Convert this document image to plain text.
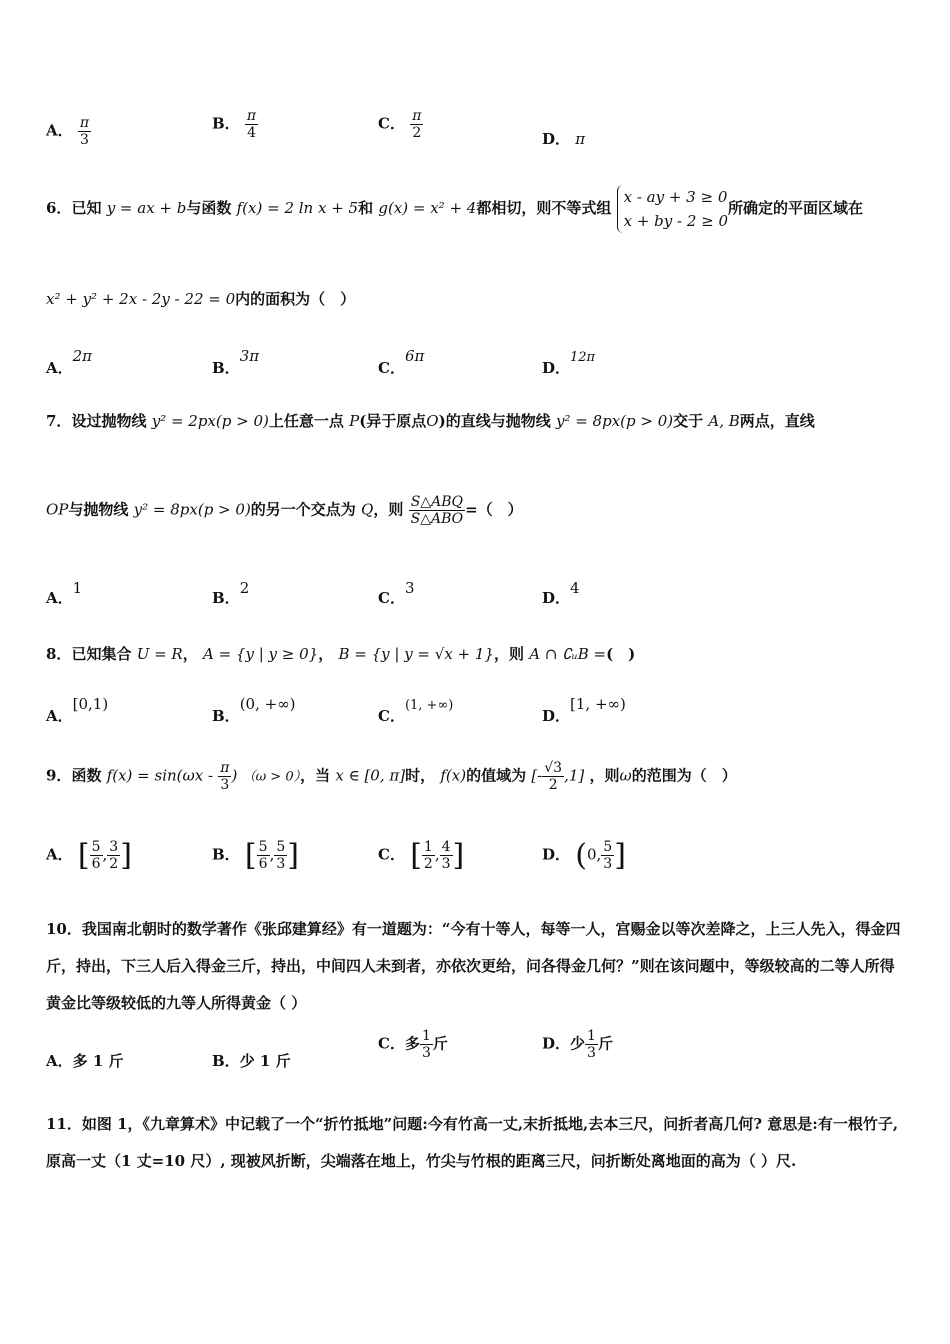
A． $\frac{\pi}{3}$	B． $\frac{\pi}{4}$	C． $\frac{\pi}{2}$	D． π
6．已知 y = ax + b与函数 f(x) = 2 ln x + 5和 g(x) = x² + 4都相切，则不等式组 x - ay + 3 ≥ 0
x + by - 2 ≥ 0所确定的平面区域在
x² + y² + 2x - 2y - 22 = 0内的面积为（　）
A．2π
B．3π
C．6π
D．12π
7．设过抛物线 y² = 2px(p > 0)上任意一点 P(异于原点O)的直线与抛物线 y² = 8px(p > 0)交于 A, B两点，直线
OP与抛物线 y² = 8px(p > 0)的另一个交点为 Q，则 $\frac{\text{S△ABQ}}{\text{S△ABO}}$ =（　）
A．1
B．2
C．3
D．4
8．已知集合 U = R， A = {y | y ≥ 0}， B = {y | y = √x + 1}，则 A ∩ ∁ᵤB =(　)
A．[0,1)
B．(0, +∞)
C．(1, +∞)
D．[1, +∞)
9．函数 $f(x) = \sin(\omega x - \frac{\pi}{3}$ ) （ω > 0），当 x ∈ [0, π]时， f(x)的值域为 [- $\frac{√3}{2} ,1$] ，则ω的范围为（　）
A． [ $\frac{5}{6}$ , $\frac{3}{2}$ ]	B． [ $\frac{5}{6}$ , $\frac{5}{3}$ ]	C． [ $\frac{1}{2}$ , $\frac{4}{3}$ ]	D． (0, $\frac{5}{3}$ ]
10．我国南北朝时的数学著作《张邱建算经》有一道题为：“今有十等人，每等一人，宫赐金以等次差降之，上三人先入，得金四斤，持出，下三人后入得金三斤，持出，中间四人未到者，亦依次更给，问各得金几何？”则在该问题中，等级较高的二等人所得黄金比等级较低的九等人所得黄金（ ）
A．多 1 斤	B．少 1 斤
C．多 $\frac{1}{3}$ 斤	D．少 $\frac{1}{3}$ 斤
11．如图 1，《九章算术》中记载了一个“折竹抵地”问题:今有竹高一丈,末折抵地,去本三尺，问折者高几何? 意思是:有一根竹子, 原高一丈（1 丈=10 尺）, 现被风折断，尖端落在地上，竹尖与竹根的距离三尺，问折断处离地面的高为（ ）尺.
